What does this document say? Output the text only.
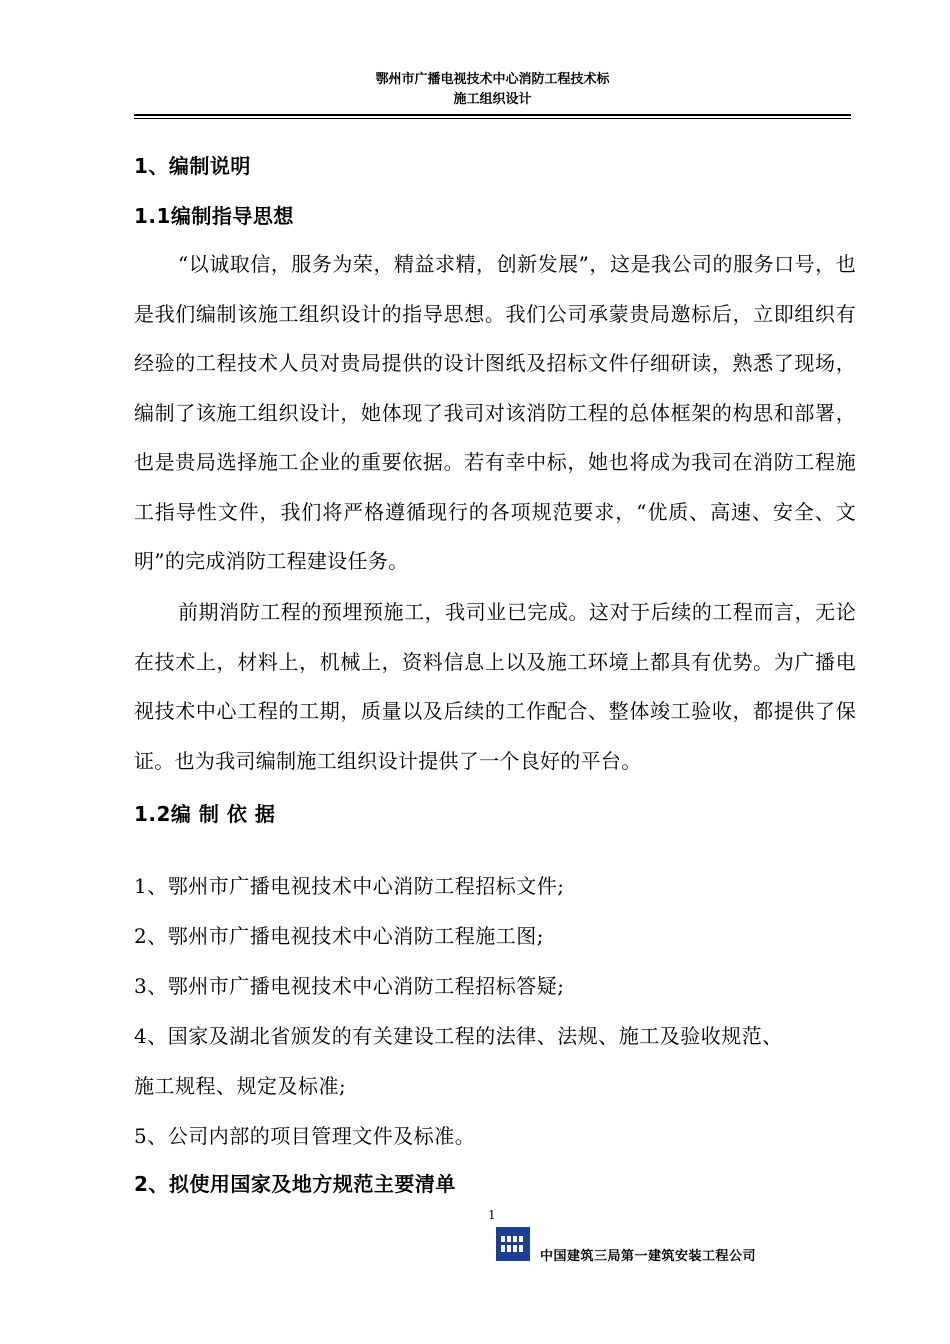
鄂州市广播电视技术中心消防工程技术标
施工组织设计
1、编制说明
1.1编制指导思想
“以诚取信，服务为荣，精益求精，创新发展”，这是我公司的服务口号，也是我们编制该施工组织设计的指导思想。我们公司承蒙贵局邀标后，立即组织有经验的工程技术人员对贵局提供的设计图纸及招标文件仔细研读，熟悉了现场，编制了该施工组织设计，她体现了我司对该消防工程的总体框架的构思和部署，也是贵局选择施工企业的重要依据。若有幸中标，她也将成为我司在消防工程施工指导性文件，我们将严格遵循现行的各项规范要求，“优质、高速、安全、文明”的完成消防工程建设任务。
前期消防工程的预埋预施工，我司业已完成。这对于后续的工程而言，无论在技术上，材料上，机械上，资料信息上以及施工环境上都具有优势。为广播电视技术中心工程的工期，质量以及后续的工作配合、整体竣工验收，都提供了保证。也为我司编制施工组织设计提供了一个良好的平台。
1.2编 制 依 据
1、鄂州市广播电视技术中心消防工程招标文件;
2、鄂州市广播电视技术中心消防工程施工图;
3、鄂州市广播电视技术中心消防工程招标答疑;
4、国家及湖北省颁发的有关建设工程的法律、法规、施工及验收规范、
施工规程、规定及标准;
5、公司内部的项目管理文件及标准。
2、拟使用国家及地方规范主要清单
1
中国建筑三局第一建筑安装工程公司
